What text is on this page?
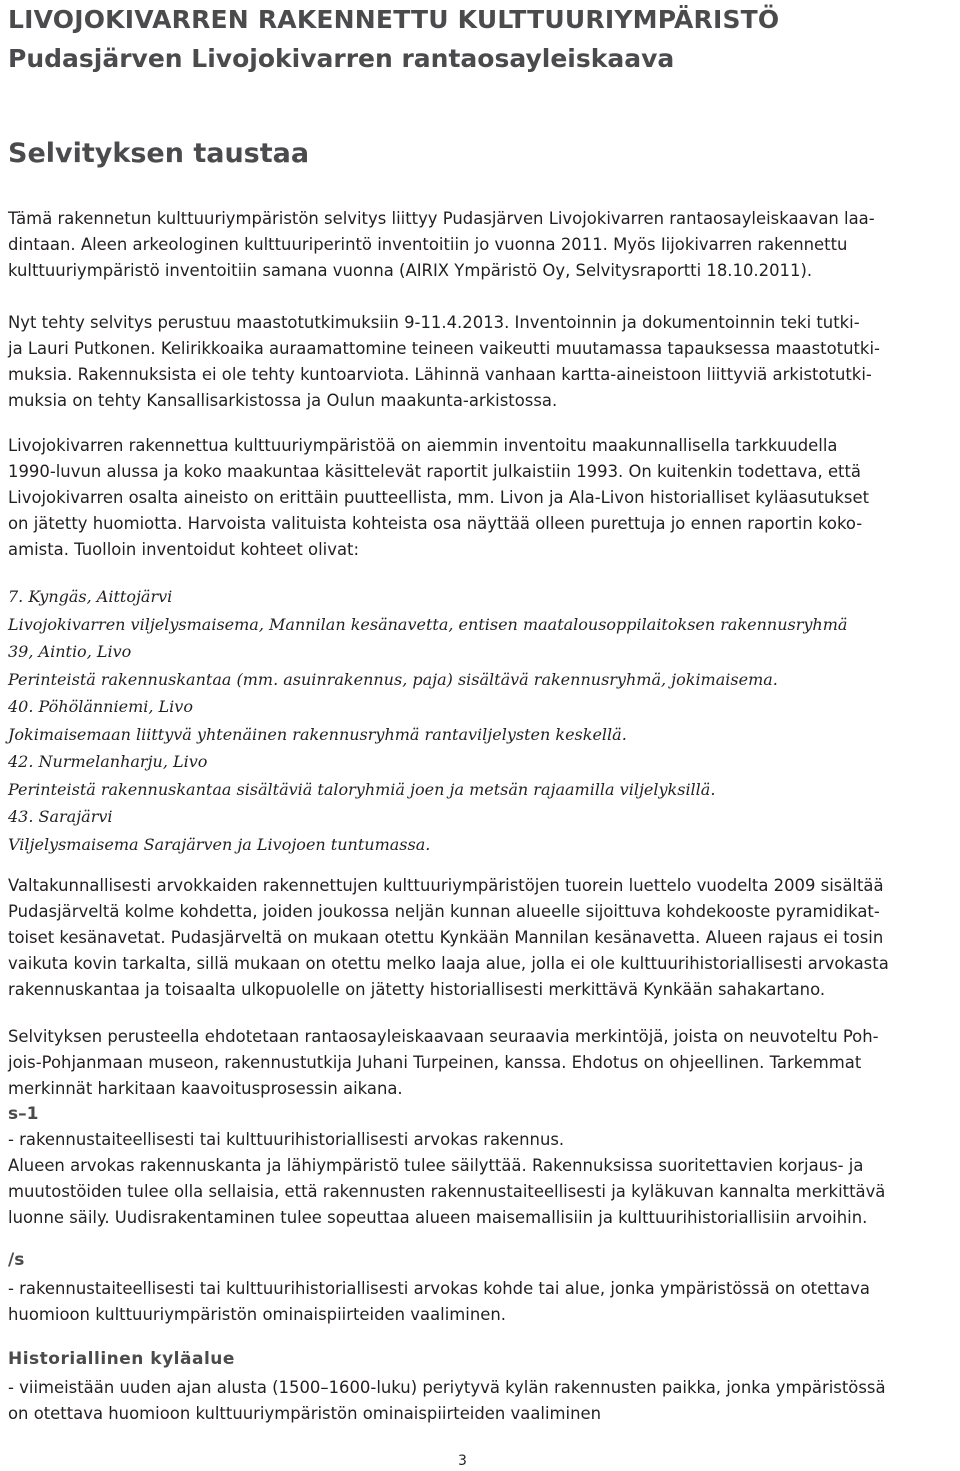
LIVOJOKIVARREN RAKENNETTU KULTTUURIYMPÄRISTÖ
Pudasjärven Livojokivarren rantaosayleiskaava
Selvityksen taustaa

Tämä rakennetun kulttuuriympäristön selvitys liittyy Pudasjärven Livojokivarren rantaosayleiskaavan laa-
dintaan. Aleen arkeologinen kulttuuriperintö inventoitiin jo vuonna 2011. Myös Iijokivarren rakennettu
kulttuuriympäristö inventoitiin samana vuonna (AIRIX Ympäristö Oy, Selvitysraportti 18.10.2011).

Nyt tehty selvitys perustuu maastotutkimuksiin 9-11.4.2013. Inventoinnin ja dokumentoinnin teki tutki-
ja Lauri Putkonen. Kelirikkoaika auraamattomine teineen vaikeutti muutamassa tapauksessa maastotutki-
muksia. Rakennuksista ei ole tehty kuntoarviota. Lähinnä vanhaan kartta-aineistoon liittyviä arkistotutki-
muksia on tehty Kansallisarkistossa ja Oulun maakunta-arkistossa.

Livojokivarren rakennettua kulttuuriympäristöä on aiemmin inventoitu maakunnallisella tarkkuudella
1990-luvun alussa ja koko maakuntaa käsittelevät raportit julkaistiin 1993. On kuitenkin todettava, että
Livojokivarren osalta aineisto on erittäin puutteellista, mm. Livon ja Ala-Livon historialliset kyläasutukset
on jätetty huomiotta. Harvoista valituista kohteista osa näyttää olleen purettuja jo ennen raportin koko-
amista. Tuolloin inventoidut kohteet olivat:

7. Kyngäs, Aittojärvi
Livojokivarren viljelysmaisema, Mannilan kesänavetta, entisen maatalousoppilaitoksen rakennusryhmä
39, Aintio, Livo
Perinteistä rakennuskantaa (mm. asuinrakennus, paja) sisältävä rakennusryhmä, jokimaisema.
40. Pöhölänniemi, Livo
Jokimaisemaan liittyvä yhtenäinen rakennusryhmä rantaviljelysten keskellä.
42. Nurmelanharju, Livo
Perinteistä rakennuskantaa sisältäviä taloryhmiä joen ja metsän rajaamilla viljelyksillä.
43. Sarajärvi
Viljelysmaisema Sarajärven ja Livojoen tuntumassa.

Valtakunnallisesti arvokkaiden rakennettujen kulttuuriympäristöjen tuorein luettelo vuodelta 2009 sisältää
Pudasjärveltä kolme kohdetta, joiden joukossa neljän kunnan alueelle sijoittuva kohdekooste pyramidikat-
toiset kesänavetat. Pudasjärveltä on mukaan otettu Kynkään Mannilan kesänavetta. Alueen rajaus ei tosin
vaikuta kovin tarkalta, sillä mukaan on otettu melko laaja alue, jolla ei ole kulttuurihistoriallisesti arvokasta
rakennuskantaa ja toisaalta ulkopuolelle on jätetty historiallisesti merkittävä Kynkään sahakartano.

Selvityksen perusteella ehdotetaan rantaosayleiskaavaan seuraavia merkintöjä, joista on neuvoteltu Poh-
jois-Pohjanmaan museon, rakennustutkija Juhani Turpeinen, kanssa. Ehdotus on ohjeellinen. Tarkemmat
merkinnät harkitaan kaavoitusprosessin aikana.

s–1

- rakennustaiteellisesti tai kulttuurihistoriallisesti arvokas rakennus.
Alueen arvokas rakennuskanta ja lähiympäristö tulee säilyttää. Rakennuksissa suoritettavien korjaus- ja
muutostöiden tulee olla sellaisia, että rakennusten rakennustaiteellisesti ja kyläkuvan kannalta merkittävä
luonne säily. Uudisrakentaminen tulee sopeuttaa alueen maisemallisiin ja kulttuurihistoriallisiin arvoihin.

/s

- rakennustaiteellisesti tai kulttuurihistoriallisesti arvokas kohde tai alue, jonka ympäristössä on otettava
huomioon kulttuuriympäristön ominaispiirteiden vaaliminen.

Historiallinen kyläalue

- viimeistään uuden ajan alusta (1500–1600-luku) periytyvä kylän rakennusten paikka, jonka ympäristössä
on otettava huomioon kulttuuriympäristön ominaispiirteiden vaaliminen

3
